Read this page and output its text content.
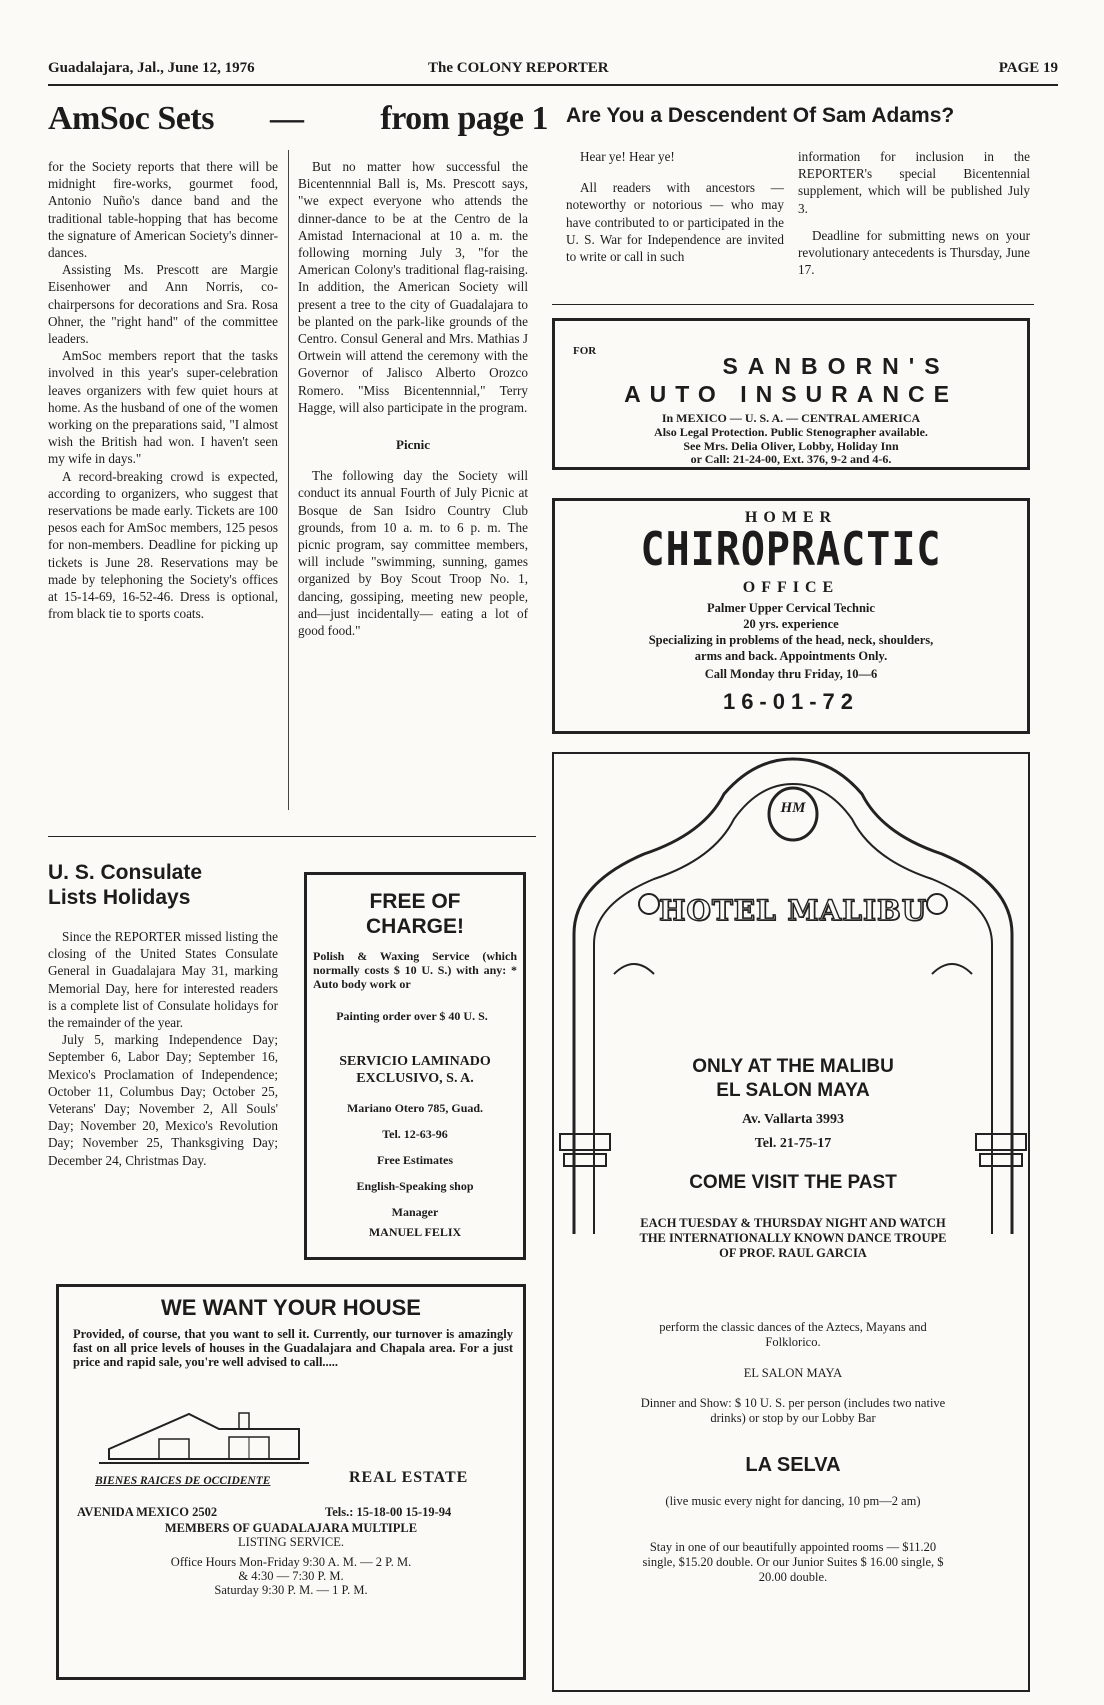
Guadalajara, Jal., June 12, 1976	The COLONY REPORTER	PAGE 19
AmSoc Sets — from page 1

for the Society reports that there will be midnight fire-works, gourmet food, Antonio Nuño's dance band and the traditional table-hopping that has become the signature of American Society's dinner-dances.

Assisting Ms. Prescott are Margie Eisenhower and Ann Norris, co-chairpersons for decorations and Sra. Rosa Ohner, the "right hand" of the committee leaders.

AmSoc members report that the tasks involved in this year's super-celebration leaves organizers with few quiet hours at home. As the husband of one of the women working on the preparations said, "I almost wish the British had won. I haven't seen my wife in days."

A record-breaking crowd is expected, according to organizers, who suggest that reservations be made early. Tickets are 100 pesos each for AmSoc members, 125 pesos for non-members. Deadline for picking up tickets is June 28. Reservations may be made by telephoning the Society's offices at 15-14-69, 16-52-46. Dress is optional, from black tie to sports coats.

But no matter how successful the Bicentennnial Ball is, Ms. Prescott says, "we expect everyone who attends the dinner-dance to be at the Centro de la Amistad Internacional at 10 a. m. the following morning July 3, "for the American Colony's traditional flag-raising. In addition, the American Society will present a tree to the city of Guadalajara to be planted on the park-like grounds of the Centro. Consul General and Mrs. Mathias J Ortwein will attend the ceremony with the Governor of Jalisco Alberto Orozco Romero. "Miss Bicentennnial," Terry Hagge, will also participate in the program.

Picnic

The following day the Society will conduct its annual Fourth of July Picnic at Bosque de San Isidro Country Club grounds, from 10 a. m. to 6 p. m. The picnic program, say committee members, will include "swimming, sunning, games organized by Boy Scout Troop No. 1, dancing, gossiping, meeting new people, and—just incidentally— eating a lot of good food."

Are You a Descendent Of Sam Adams?

Hear ye! Hear ye!

All readers with ancestors — noteworthy or notorious — who may have contributed to or participated in the U. S. War for Independence are invited to write or call in such

information for inclusion in the REPORTER's special Bicentennial supplement, which will be published July 3.

Deadline for submitting news on your revolutionary antecedents is Thursday, June 17.

FOR
SANBORN'S
AUTO INSURANCE
In MEXICO — U. S. A. — CENTRAL AMERICA
Also Legal Protection. Public Stenographer available.
See Mrs. Delia Oliver, Lobby, Holiday Inn
or Call: 21-24-00, Ext. 376, 9-2 and 4-6.
HOMER
CHIROPRACTIC
OFFICE
Palmer Upper Cervical Technic
20 yrs. experience
Specializing in problems of the head, neck, shoulders,
arms and back. Appointments Only.
Call Monday thru Friday, 10—6
16-01-72
U. S. Consulate
Lists Holidays

Since the REPORTER missed listing the closing of the United States Consulate General in Guadalajara May 31, marking Memorial Day, here for interested readers is a complete list of Consulate holidays for the remainder of the year.

July 5, marking Independence Day; September 6, Labor Day; September 16, Mexico's Proclamation of Independence; October 11, Columbus Day; October 25, Veterans' Day; November 2, All Souls' Day; November 20, Mexico's Revolution Day; November 25, Thanksgiving Day; December 24, Christmas Day.

FREE OF
CHARGE!
Polish & Waxing Service (which normally costs $ 10 U. S.) with any: * Auto body work or
Painting order over $ 40 U. S.
SERVICIO LAMINADO EXCLUSIVO, S. A.
Mariano Otero 785, Guad.
Tel. 12-63-96
Free Estimates
English-Speaking shop
Manager
MANUEL FELIX
HM
HOTEL MALIBU
ONLY AT THE MALIBU
EL SALON MAYA
Av. Vallarta 3993
Tel. 21-75-17
COME VISIT THE PAST
EACH TUESDAY & THURSDAY NIGHT AND WATCH THE INTERNATIONALLY KNOWN DANCE TROUPE OF PROF. RAUL GARCIA
perform the classic dances of the Aztecs, Mayans and Folklorico.
EL SALON MAYA
Dinner and Show: $ 10 U. S. per person (includes two native drinks) or stop by our Lobby Bar
LA SELVA
(live music every night for dancing, 10 pm—2 am)
Stay in one of our beautifully appointed rooms — $11.20 single, $15.20 double. Or our Junior Suites $ 16.00 single, $ 20.00 double.
WE WANT YOUR HOUSE
Provided, of course, that you want to sell it. Currently, our turnover is amazingly fast on all price levels of houses in the Guadalajara and Chapala area. For a just price and rapid sale, you're well advised to call.....
BIENES RAICES DE OCCIDENTE	REAL ESTATE
AVENIDA MEXICO 2502	Tels.: 15-18-00 15-19-94
MEMBERS OF GUADALAJARA MULTIPLE
LISTING SERVICE.
Office Hours Mon-Friday 9:30 A. M. — 2 P. M.
& 4:30 — 7:30 P. M.
Saturday 9:30 P. M. — 1 P. M.
